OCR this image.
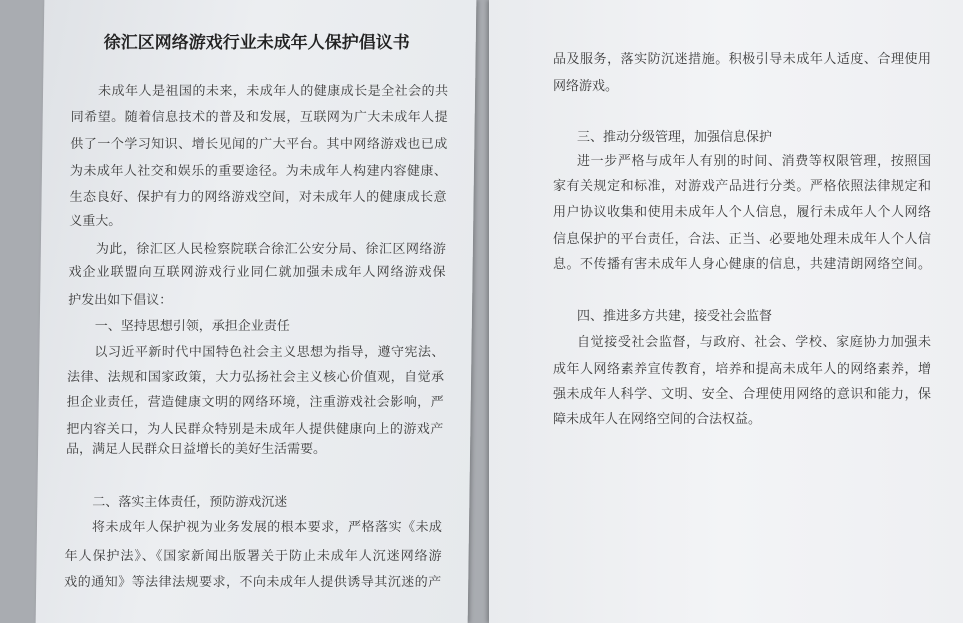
徐汇区网络游戏行业未成年人保护倡议书
未成年人是祖国的未来，未成年人的健康成长是全社会的共
同希望。随着信息技术的普及和发展，互联网为广大未成年人提
供了一个学习知识、增长见闻的广大平台。其中网络游戏也已成
为未成年人社交和娱乐的重要途径。为未成年人构建内容健康、
生态良好、保护有力的网络游戏空间，对未成年人的健康成长意
义重大。
为此，徐汇区人民检察院联合徐汇公安分局、徐汇区网络游
戏企业联盟向互联网游戏行业同仁就加强未成年人网络游戏保
护发出如下倡议：
一、坚持思想引领，承担企业责任
以习近平新时代中国特色社会主义思想为指导，遵守宪法、
法律、法规和国家政策，大力弘扬社会主义核心价值观，自觉承
担企业责任，营造健康文明的网络环境，注重游戏社会影响，严
把内容关口，为人民群众特别是未成年人提供健康向上的游戏产
品，满足人民群众日益增长的美好生活需要。
二、落实主体责任，预防游戏沉迷
将未成年人保护视为业务发展的根本要求，严格落实《未成
年人保护法》、《国家新闻出版署关于防止未成年人沉迷网络游
戏的通知》等法律法规要求，不向未成年人提供诱导其沉迷的产
品及服务，落实防沉迷措施。积极引导未成年人适度、合理使用
网络游戏。
三、推动分级管理，加强信息保护
进一步严格与成年人有别的时间、消费等权限管理，按照国
家有关规定和标准，对游戏产品进行分类。严格依照法律规定和
用户协议收集和使用未成年人个人信息，履行未成年人个人网络
信息保护的平台责任，合法、正当、必要地处理未成年人个人信
息。不传播有害未成年人身心健康的信息，共建清朗网络空间。
四、推进多方共建，接受社会监督
自觉接受社会监督，与政府、社会、学校、家庭协力加强未
成年人网络素养宣传教育，培养和提高未成年人的网络素养，增
强未成年人科学、文明、安全、合理使用网络的意识和能力，保
障未成年人在网络空间的合法权益。
